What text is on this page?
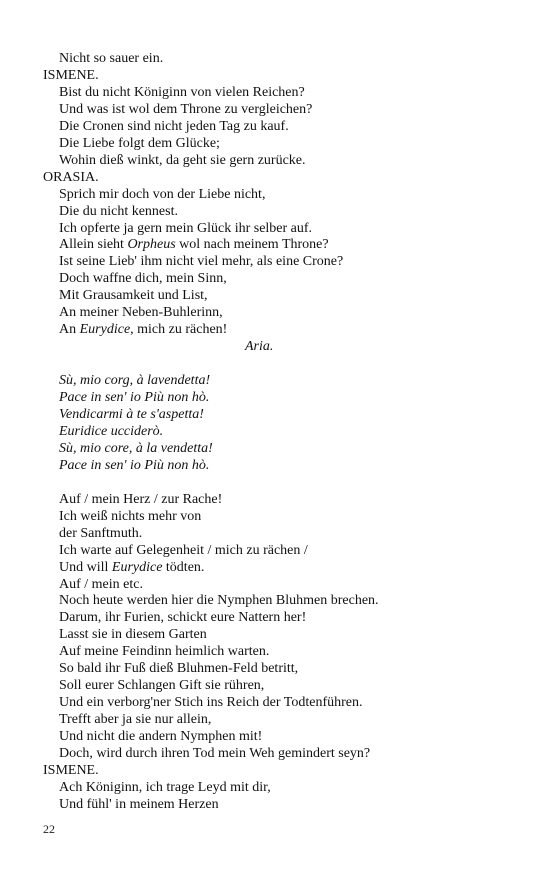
Nicht so sauer ein.
ISMENE.
Bist du nicht Königinn von vielen Reichen?
Und was ist wol dem Throne zu vergleichen?
Die Cronen sind nicht jeden Tag zu kauf.
Die Liebe folgt dem Glücke;
Wohin dieß winkt, da geht sie gern zurücke.
ORASIA.
Sprich mir doch von der Liebe nicht,
Die du nicht kennest.
Ich opferte ja gern mein Glück ihr selber auf.
Allein sieht Orpheus wol nach meinem Throne?
Ist seine Lieb' ihm nicht viel mehr, als eine Crone?
Doch waffne dich, mein Sinn,
Mit Grausamkeit und List,
An meiner Neben-Buhlerinn,
An Eurydice, mich zu rächen!
Aria.
Sù, mio corg, à lavendetta!
Pace in sen' io Più non hò.
Vendicarmi à te s'aspetta!
Euridice ucciderò.
Sù, mio core, à la vendetta!
Pace in sen' io Più non hò.
Auf / mein Herz / zur Rache!
Ich weiß nichts mehr von
der Sanftmuth.
Ich warte auf Gelegenheit / mich zu rächen /
Und will Eurydice tödten.
Auf / mein etc.
Noch heute werden hier die Nymphen Bluhmen brechen.
Darum, ihr Furien, schickt eure Nattern her!
Lasst sie in diesem Garten
Auf meine Feindinn heimlich warten.
So bald ihr Fuß dieß Bluhmen-Feld betritt,
Soll eurer Schlangen Gift sie rühren,
Und ein verborg'ner Stich ins Reich der Todtenführen.
Trefft aber ja sie nur allein,
Und nicht die andern Nymphen mit!
Doch, wird durch ihren Tod mein Weh gemindert seyn?
ISMENE.
Ach Königinn, ich trage Leyd mit dir,
Und fühl' in meinem Herzen
22
